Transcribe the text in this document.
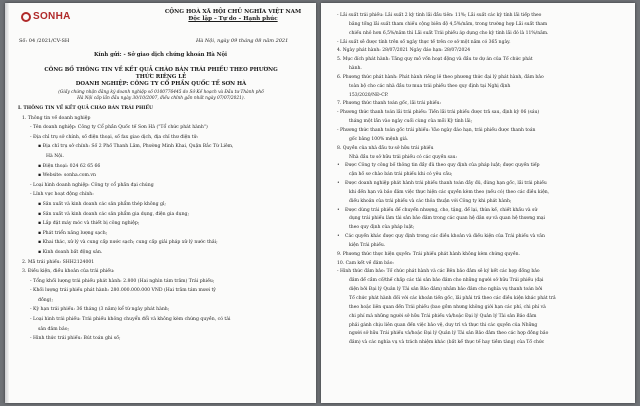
SONHA	CỘNG HOÀ XÃ HỘI CHỦ NGHĨA VIỆT NAM
Độc lập – Tự do – Hạnh phúc
Số: 04 /2021/CV-SH	Hà Nội, ngày 09 tháng 08 năm 2021
Kính gửi: - Sở giao dịch chứng khoán Hà Nội
CÔNG BỐ THÔNG TIN VỀ KẾT QUẢ CHÀO BÁN TRÁI PHIẾU THEO PHƯƠNG
THỨC RIÊNG LẺ
DOANH NGHIỆP: CÔNG TY CỔ PHẦN QUỐC TẾ SƠN HÀ
(Giấy chứng nhận đăng ký doanh nghiệp số 0100776445 do Sở Kế hoạch và Đầu tư Thành phố
Hà Nội cấp lần đầu ngày 30/10/2007, điều chỉnh gần nhất ngày 07/07/2021).
I. THÔNG TIN VỀ KẾT QUẢ CHÀO BÁN TRÁI PHIẾU
1. Thông tin về doanh nghiệp
- Tên doanh nghiệp: Công ty Cổ phần Quốc tế Sơn Hà ("Tổ chức phát hành")
- Địa chỉ trụ sở chính, số điện thoại, số fax giao dịch, địa chỉ thư điện tử:
▪ Địa chỉ trụ sở chính: Số 2 Phố Thanh Lâm, Phường Minh Khai, Quận Bắc Từ Liêm,
Hà Nội.
▪ Điện thoại: 024 62 65 66
▪ Website: sonha.com.vn
- Loại hình doanh nghiệp: Công ty cổ phần đại chúng
- Lĩnh vực hoạt động chính:
▪ Sản xuất và kinh doanh các sản phẩm thép không gỉ;
▪ Sản xuất và kinh doanh các sản phẩm gia dụng, điện gia dụng;
▪ Lắp đặt máy móc và thiết bị công nghiệp;
▪ Phát triển năng lượng sạch;
▪ Khai thác, xử lý và cung cấp nước sạch; cung cấp giải pháp xử lý nước thải;
▪ Kinh doanh bất động sản.
2. Mã trái phiếu: SHH2124001
3. Điều kiện, điều khoản của trái phiếu:
- Tổng khối lượng trái phiếu phát hành: 2.800 (Hai nghìn tám trăm) Trái phiếu;
- Khối lượng trái phiếu phát hành: 280.000.000.000 VND (Hai trăm tám mươi tỷ
đồng);
- Kỳ hạn trái phiếu: 36 tháng (3 năm) kể từ ngày phát hành;
- Loại hình trái phiếu: Trái phiếu không chuyển đổi và không kèm chứng quyền, có tài
sản đảm bảo;
- Hình thức trái phiếu: Bút toán ghi số;
- Lãi suất trái phiếu: Lãi suất 2 kỳ tính lãi đầu tiên: 11%; Lãi suất các kỳ tính lãi tiếp theo
bằng tổng lãi suất tham chiếu cộng biên độ 4,5%/năm, trong trường hợp Lãi suất tham
chiếu nhỏ hơn 6,5%/năm thì Lãi suất Trái phiếu áp dụng cho kỳ tính lãi đó là 11%/năm.
- Lãi suất sẽ được tính trên số ngày thực tế trên cơ sở một năm có 365 ngày.
4. Ngày phát hành: 28/07/2021 Ngày đáo hạn: 28/07/2024
5. Mục đích phát hành: Tăng quy mô vốn hoạt động và đầu tư dự án của Tổ chức phát
hành.
6. Phương thức phát hành: Phát hành riêng lẻ theo phương thức đại lý phát hành, đảm bảo
toàn bộ cho các nhà đầu tư mua trái phiếu theo quy định tại Nghị định
153/2020/NĐ-CP.
7. Phương thức thanh toán gốc, lãi trái phiếu:
- Phương thức thanh toán lãi trái phiếu: Tiền lãi trái phiếu được trả sau, định kỳ 06 (sáu)
tháng một lần vào ngày cuối cùng của mỗi Kỳ tính lãi;
- Phương thức thanh toán gốc trái phiếu: Vào ngày đáo hạn, trái phiếu được thanh toán
gốc bằng 100% mệnh giá.
8. Quyền của nhà đầu tư sở hữu trái phiếu
Nhà đầu tư sở hữu trái phiếu có các quyền sau:
• Được Công ty công bố thông tin đầy đủ theo quy định của pháp luật; được quyền tiếp
cận hồ sơ chào bán trái phiếu khi có yêu cầu;
• Được doanh nghiệp phát hành trái phiếu thanh toán đầy đủ, đúng hạn gốc, lãi trái phiếu
khi đến hạn và bảo đảm việc thực hiện các quyền kèm theo (nếu có) theo các điều kiện,
điều khoản của trái phiếu và các thỏa thuận với Công ty khi phát hành;
• Được dùng trái phiếu để chuyển nhượng, cho, tặng, để lại, thừa kế, chiết khấu và sử
dụng trái phiếu làm tài sản bảo đảm trong các quan hệ dân sự và quan hệ thương mại
theo quy định của pháp luật;
• Các quyền khác được quy định trong các điều khoản và điều kiện của Trái phiếu và văn
kiện Trái phiếu.
9. Phương thức thực hiện quyền: Trái phiếu phát hành không kèm chứng quyền.
10. Cam kết về đảm bảo:
- Hình thức đảm bảo: Tổ chức phát hành và các Bên bảo đảm sẽ ký kết các hợp đồng bảo
đảm để cầm cố/thế chấp các tài sản bảo đảm cho những người sở hữu Trái phiếu (đại
diện bởi Đại lý Quản lý Tài sản Bảo đảm) nhằm bảo đảm cho nghĩa vụ thanh toán bởi
Tổ chức phát hành đối với các khoản tiền gốc, lãi phải trả theo các điều kiện khác phát trả
theo hoặc liên quan đến Trái phiếu (bao gồm nhưng không giới hạn các phí, chi phí và
chi phí mà những người sở hữu Trái phiếu và/hoặc Đại lý Quản lý Tài sản Bảo đảm
phải gánh chịu liên quan đến việc bảo vệ, duy trì và thực thi các quyền của Những
người sở hữu Trái phiếu và/hoặc Đại lý Quản lý Tài sản Bảo đảm theo các hợp đồng bảo
đảm) và các nghĩa vụ và trách nhiệm khác (bất kể thực tế hay tiềm tàng) của Tổ chức
